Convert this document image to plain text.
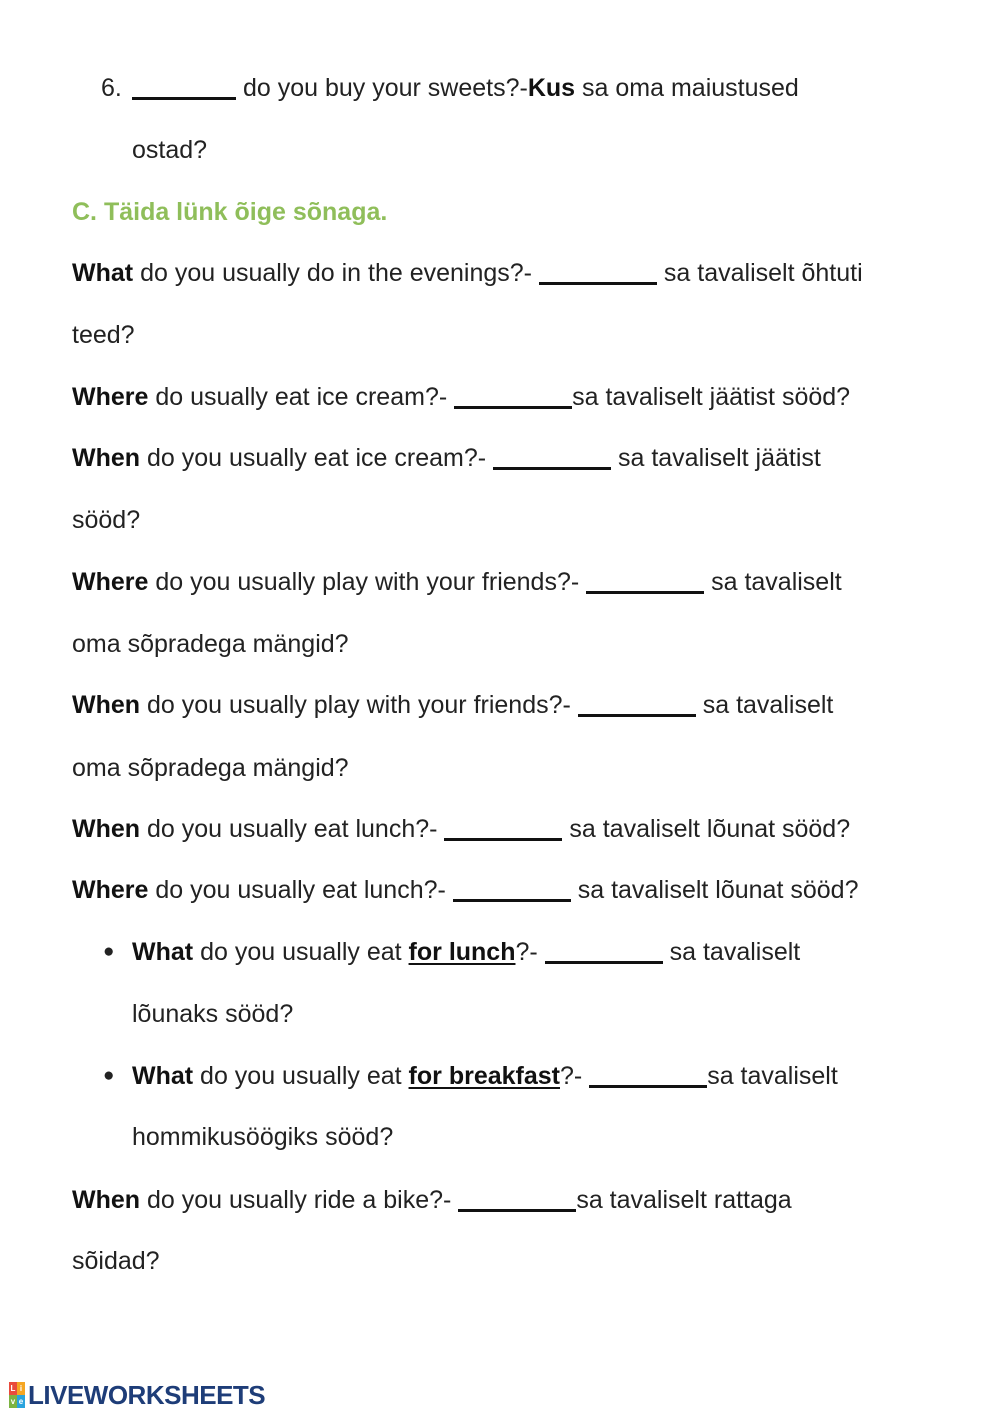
6.	do you buy your sweets?-Kus sa oma maiustused
ostad?
C. Täida lünk õige sõnaga.
What do you usually do in the evenings?-	sa tavaliselt õhtuti
teed?
Where do usually eat ice cream?-	sa tavaliselt jäätist sööd?
When do you usually eat ice cream?-	sa tavaliselt jäätist
sööd?
Where do you usually play with your friends?-	sa tavaliselt
oma sõpradega mängid?
When do you usually play with your friends?-	sa tavaliselt
oma sõpradega mängid?
When do you usually eat lunch?-	sa tavaliselt lõunat sööd?
Where do you usually eat lunch?-	sa tavaliselt lõunat sööd?
● What do you usually eat for lunch?-	sa tavaliselt
lõunaks sööd?
● What do you usually eat for breakfast?-	sa tavaliselt
hommikusöögiks sööd?
When do you usually ride a bike?-	sa tavaliselt rattaga
sõidad?
L i
v e LIVEWORKSHEETS
